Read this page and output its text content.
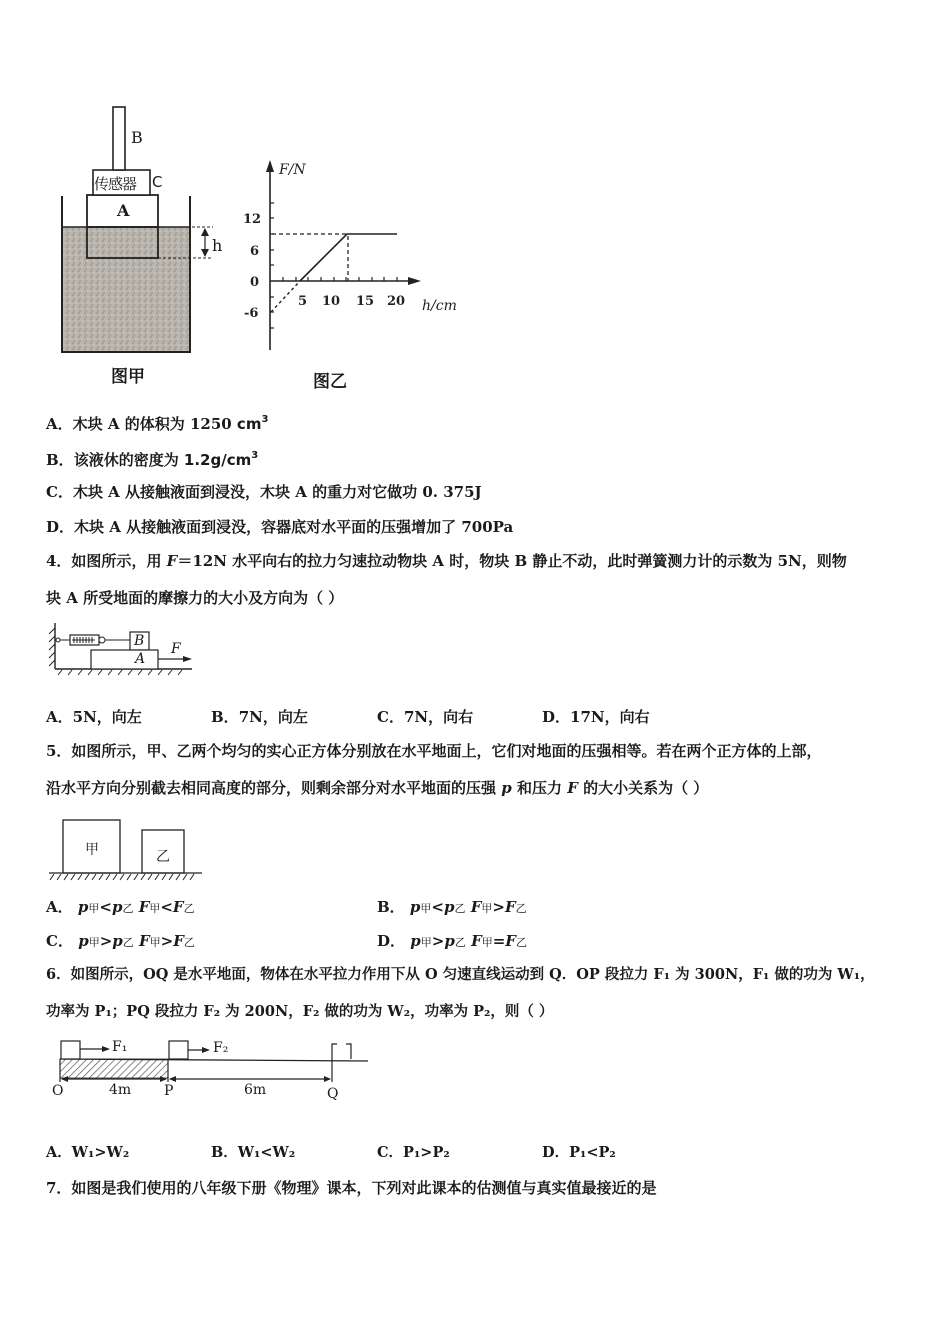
B
传感器 C
A
h
图甲
F/N
12
6
0
-6
5 10 15 20 h/cm
图乙
A．木块 A 的体积为 1250 $cm^3$
B．该液休的密度为 $1.2g/cm^3$
C．木块 A 从接触液面到浸没，木块 A 的重力对它做功 0. 375J
D．木块 A 从接触液面到浸没，容器底对水平面的压强增加了 700Pa
4．如图所示，用 F＝12N 水平向右的拉力匀速拉动物块 A 时，物块 B 静止不动，此时弹簧测力计的示数为 5N，则物
块 A 所受地面的摩擦力的大小及方向为（ ）
B
A
F
A．5N，向左	B．7N，向左	C．7N，向右	D．17N，向右
5．如图所示，甲、乙两个均匀的实心正方体分别放在水平地面上，它们对地面的压强相等。若在两个正方体的上部，
沿水平方向分别截去相同高度的部分，则剩余部分对水平地面的压强 p 和压力 F 的大小关系为（ ）
甲	乙
A． p甲<p乙 F甲<F乙	B． p甲<p乙 F甲>F乙
C． p甲>p乙 F甲>F乙	D． p甲>p乙 F甲=F乙
6．如图所示，OQ 是水平地面，物体在水平拉力作用下从 O 匀速直线运动到 Q．OP 段拉力 F₁ 为 300N，F₁ 做的功为 W₁，
功率为 P₁；PQ 段拉力 F₂ 为 200N，F₂ 做的功为 W₂，功率为 P₂，则（ ）
F₁	F₂
O	4m P	6m	Q
A．W₁>W₂	B．W₁<W₂	C．P₁>P₂	D．P₁<P₂
7．如图是我们使用的八年级下册《物理》课本，下列对此课本的估测值与真实值最接近的是
